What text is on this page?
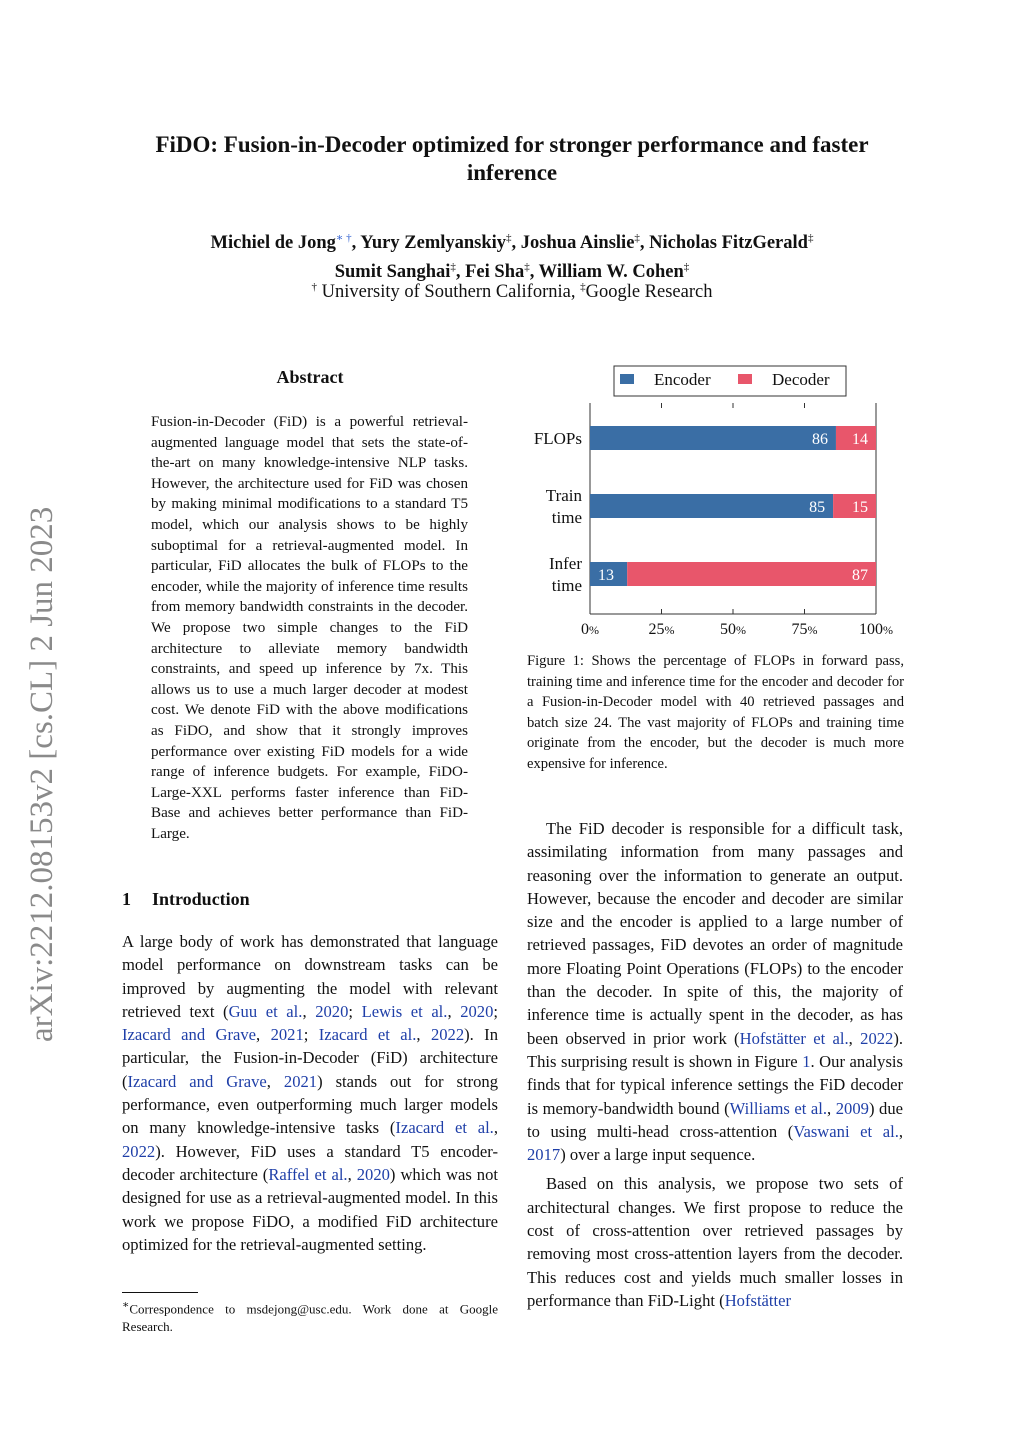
arXiv:2212.08153v2 [cs.CL] 2 Jun 2023
FiDO: Fusion-in-Decoder optimized for stronger performance and faster
inference
Michiel de Jong∗ †, Yury Zemlyanskiy‡, Joshua Ainslie‡, Nicholas FitzGerald‡
Sumit Sanghai‡, Fei Sha‡, William W. Cohen‡
† University of Southern California, ‡Google Research
Abstract
Fusion-in-Decoder (FiD) is a powerful retrieval-augmented language model that sets the state-of-the-art on many knowledge-intensive NLP tasks. However, the architecture used for FiD was chosen by making minimal modifications to a standard T5 model, which our analysis shows to be highly suboptimal for a retrieval-augmented model. In particular, FiD allocates the bulk of FLOPs to the encoder, while the majority of inference time results from memory bandwidth constraints in the decoder. We propose two simple changes to the FiD architecture to alleviate memory bandwidth constraints, and speed up inference by 7x. This allows us to use a much larger decoder at modest cost. We denote FiD with the above modifications as FiDO, and show that it strongly improves performance over existing FiD models for a wide range of inference budgets. For example, FiDO-Large-XXL performs faster inference than FiD-Base and achieves better performance than FiD-Large.
1 Introduction

A large body of work has demonstrated that language model performance on downstream tasks can be improved by augmenting the model with relevant retrieved text (Guu et al., 2020; Lewis et al., 2020; Izacard and Grave, 2021; Izacard et al., 2022). In particular, the Fusion-in-Decoder (FiD) architecture (Izacard and Grave, 2021) stands out for strong performance, even outperforming much larger models on many knowledge-intensive tasks (Izacard et al., 2022). However, FiD uses a standard T5 encoder-decoder architecture (Raffel et al., 2020) which was not designed for use as a retrieval-augmented model. In this work we propose FiDO, a modified FiD architecture optimized for the retrieval-augmented setting.

∗Correspondence to msdejong@usc.edu. Work done at Google Research.
0%	25%	50%	75%	100%
FLOPs	86 14
Train
time
85 15
Infer
time
13	87
Encoder	Decoder
Figure 1: Shows the percentage of FLOPs in forward pass, training time and inference time for the encoder and decoder for a Fusion-in-Decoder model with 40 retrieved passages and batch size 24. The vast majority of FLOPs and training time originate from the encoder, but the decoder is much more expensive for inference.

The FiD decoder is responsible for a difficult task, assimilating information from many passages and reasoning over the information to generate an output. However, because the encoder and decoder are similar size and the encoder is applied to a large number of retrieved passages, FiD devotes an order of magnitude more Floating Point Operations (FLOPs) to the encoder than the decoder. In spite of this, the majority of inference time is actually spent in the decoder, as has been observed in prior work (Hofstätter et al., 2022). This surprising result is shown in Figure 1. Our analysis finds that for typical inference settings the FiD decoder is memory-bandwidth bound (Williams et al., 2009) due to using multi-head cross-attention (Vaswani et al., 2017) over a large input sequence.

Based on this analysis, we propose two sets of architectural changes. We first propose to reduce the cost of cross-attention over retrieved passages by removing most cross-attention layers from the decoder. This reduces cost and yields much smaller losses in performance than FiD-Light (Hofstätter
